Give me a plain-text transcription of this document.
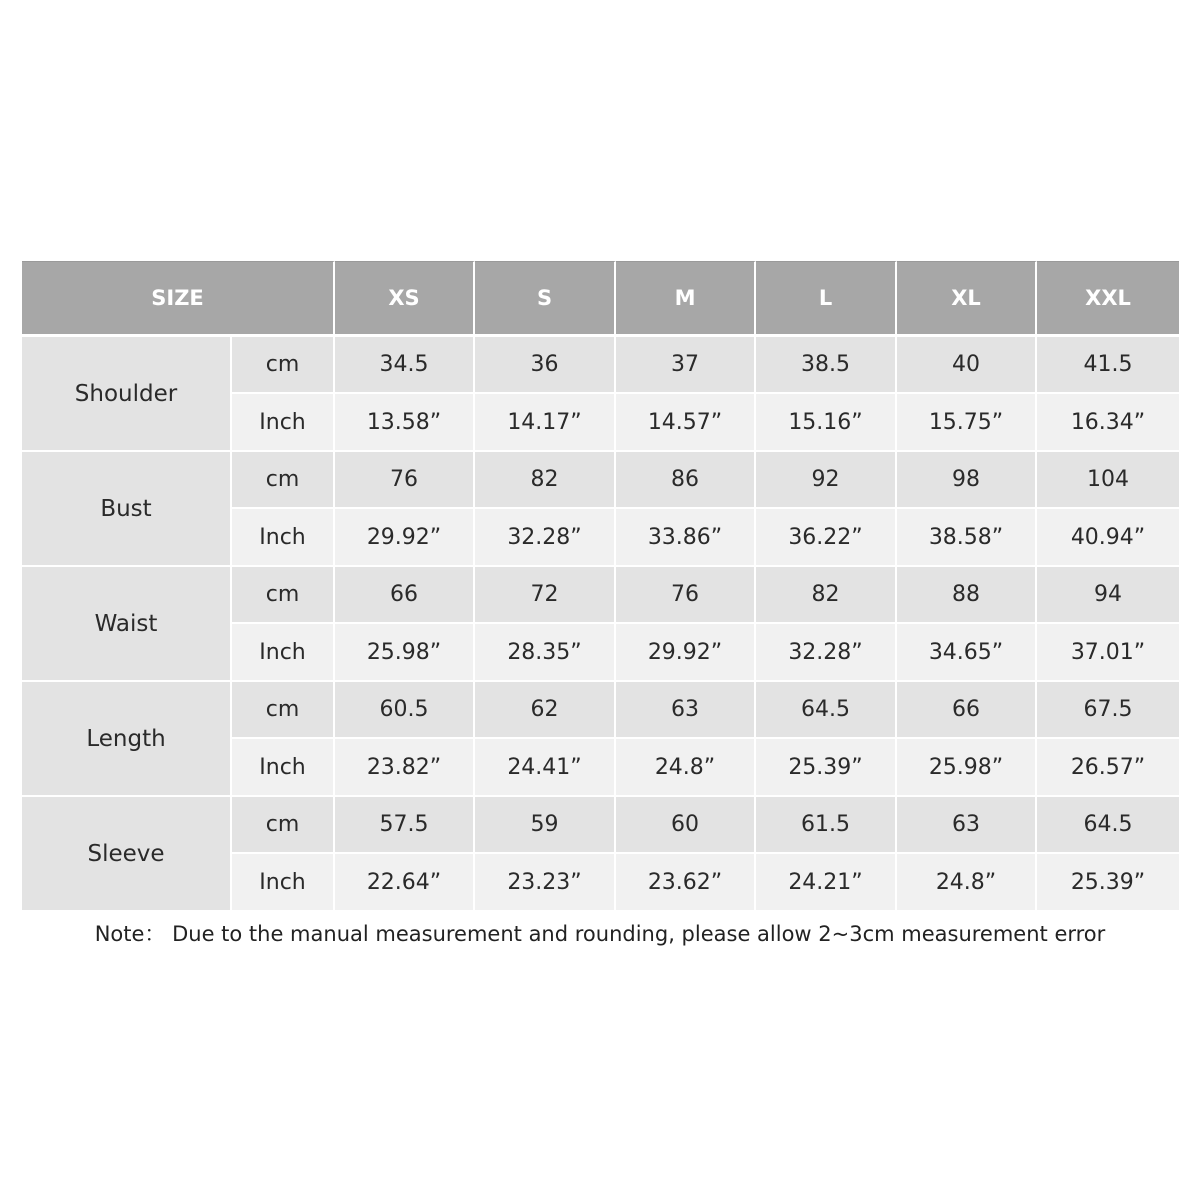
SIZE		XS	S	M	L	XL	XXL
Shoulder	cm	34.5	36	37	38.5	40	41.5
	Inch	13.58”	14.17”	14.57”	15.16”	15.75”	16.34”
Bust	cm	76	82	86	92	98	104
	Inch	29.92”	32.28”	33.86”	36.22”	38.58”	40.94”
Waist	cm	66	72	76	82	88	94
	Inch	25.98”	28.35”	29.92”	32.28”	34.65”	37.01”
Length	cm	60.5	62	63	64.5	66	67.5
	Inch	23.82”	24.41”	24.8”	25.39”	25.98”	26.57”
Sleeve	cm	57.5	59	60	61.5	63	64.5
	Inch	22.64”	23.23”	23.62”	24.21”	24.8”	25.39”
Note： Due to the manual measurement and rounding, please allow 2~3cm measurement error
